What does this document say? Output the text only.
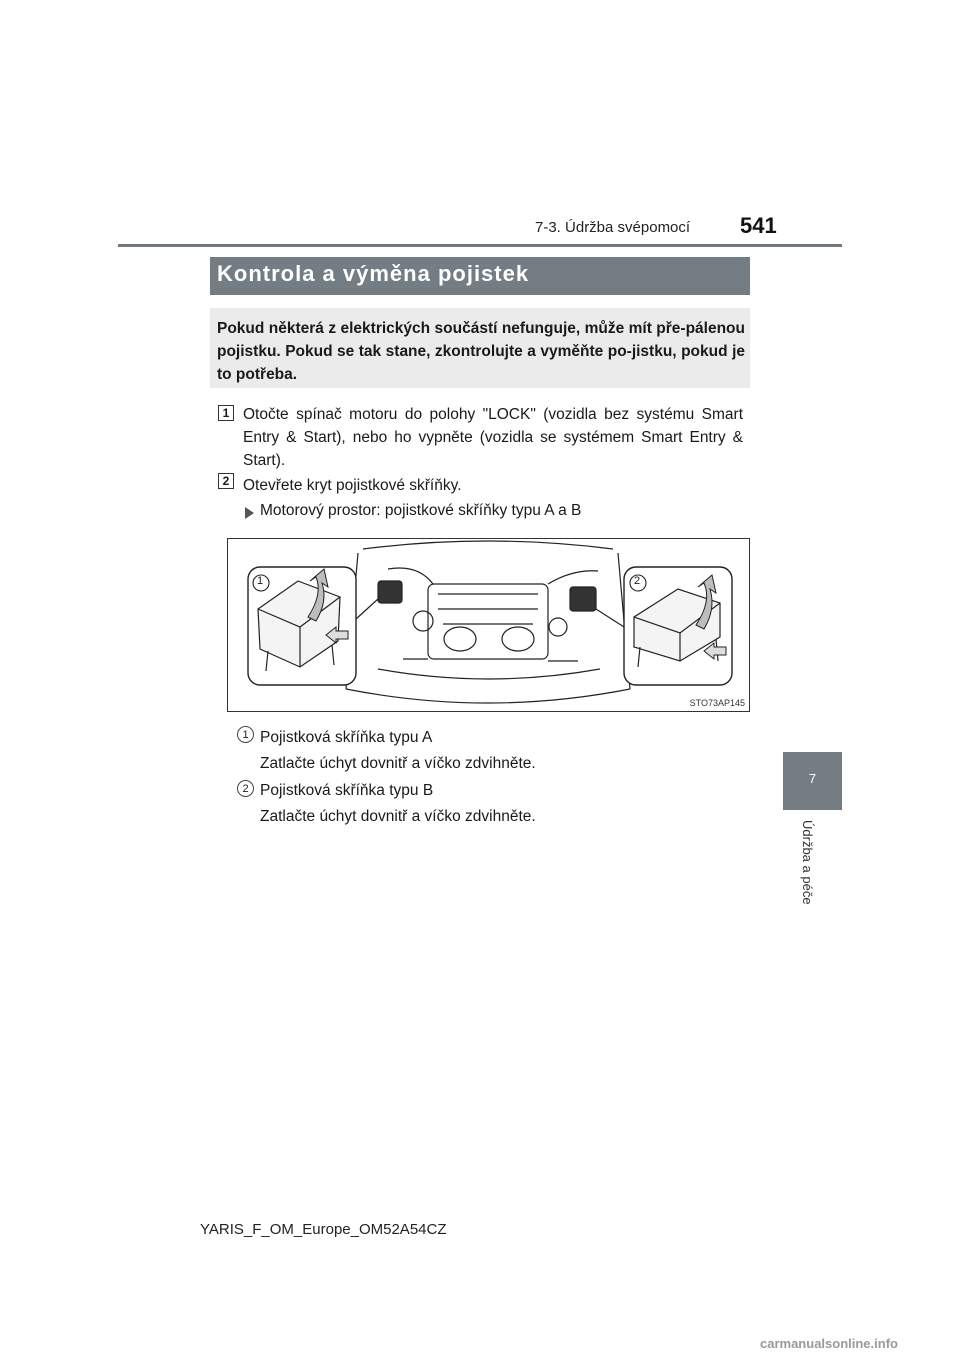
7-3. Údržba svépomocí 541
Kontrola a výměna pojistek
Pokud některá z elektrických součástí nefunguje, může mít pře-pálenou pojistku. Pokud se tak stane, zkontrolujte a vyměňte po-jistku, pokud je to potřeba.
1 Otočte spínač motoru do polohy "LOCK" (vozidla bez systému Smart Entry & Start), nebo ho vypněte (vozidla se systémem Smart Entry & Start).
2 Otevřete kryt pojistkové skříňky.
Motorový prostor: pojistkové skříňky typu A a B
1	2
STO73AP145
1 Pojistková skříňka typu A
Zatlačte úchyt dovnitř a víčko zdvihněte.
2 Pojistková skříňka typu B
Zatlačte úchyt dovnitř a víčko zdvihněte.
7
Údržba a péče
YARIS_F_OM_Europe_OM52A54CZ
carmanualsonline.info
